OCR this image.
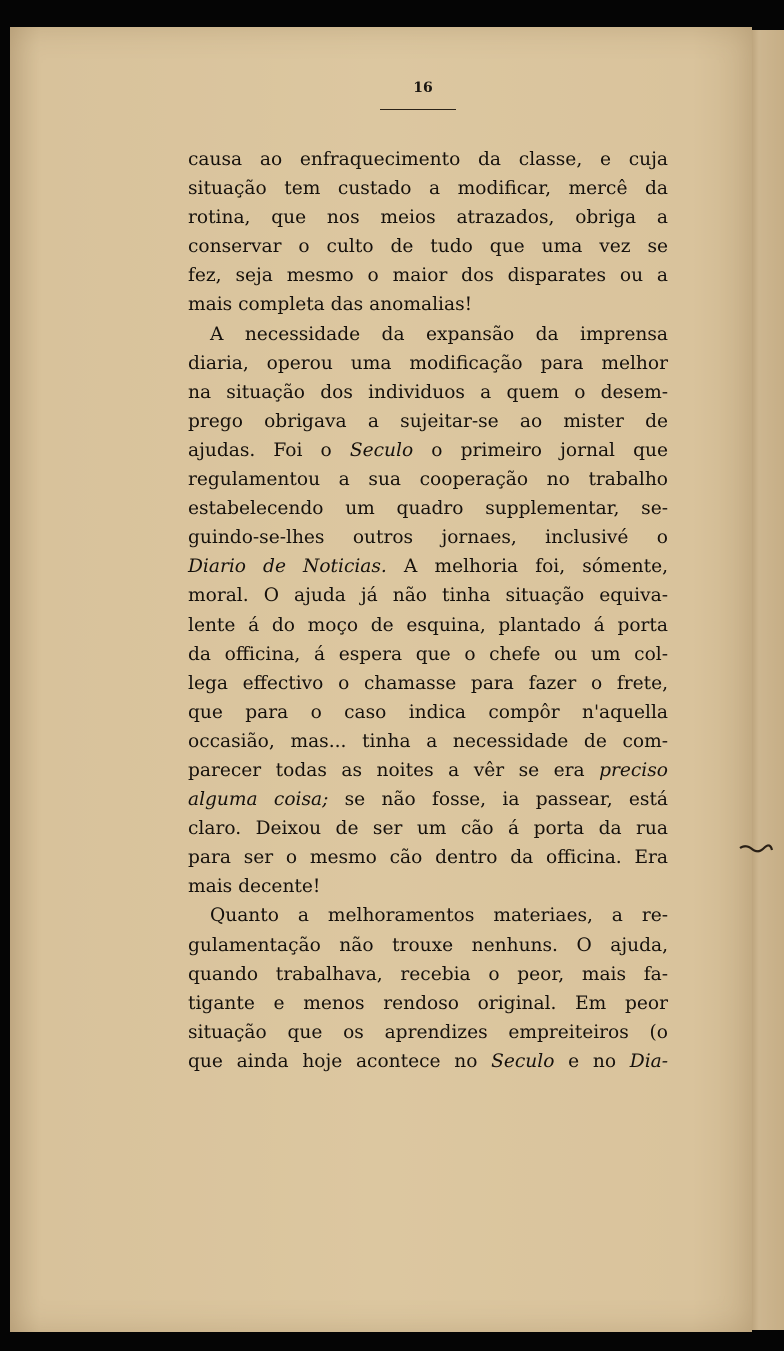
16
causa ao enfraquecimento da classe, e cuja
situação tem custado a modificar, mercê da
rotina, que nos meios atrazados, obriga a
conservar o culto de tudo que uma vez se
fez, seja mesmo o maior dos disparates ou a
mais completa das anomalias!
A necessidade da expansão da imprensa
diaria, operou uma modificação para melhor
na situação dos individuos a quem o desem-
prego obrigava a sujeitar-se ao mister de
ajudas. Foi o Seculo o primeiro jornal que
regulamentou a sua cooperação no trabalho
estabelecendo um quadro supplementar, se-
guindo-se-lhes outros jornaes, inclusivé o
Diario de Noticias. A melhoria foi, sómente,
moral. O ajuda já não tinha situação equiva-
lente á do moço de esquina, plantado á porta
da officina, á espera que o chefe ou um col-
lega effectivo o chamasse para fazer o frete,
que para o caso indica compôr n'aquella
occasião, mas... tinha a necessidade de com-
parecer todas as noites a vêr se era preciso
alguma coisa; se não fosse, ia passear, está
claro. Deixou de ser um cão á porta da rua
para ser o mesmo cão dentro da officina. Era
mais decente!
Quanto a melhoramentos materiaes, a re-
gulamentação não trouxe nenhuns. O ajuda,
quando trabalhava, recebia o peor, mais fa-
tigante e menos rendoso original. Em peor
situação que os aprendizes empreiteiros (o
que ainda hoje acontece no Seculo e no Dia-
